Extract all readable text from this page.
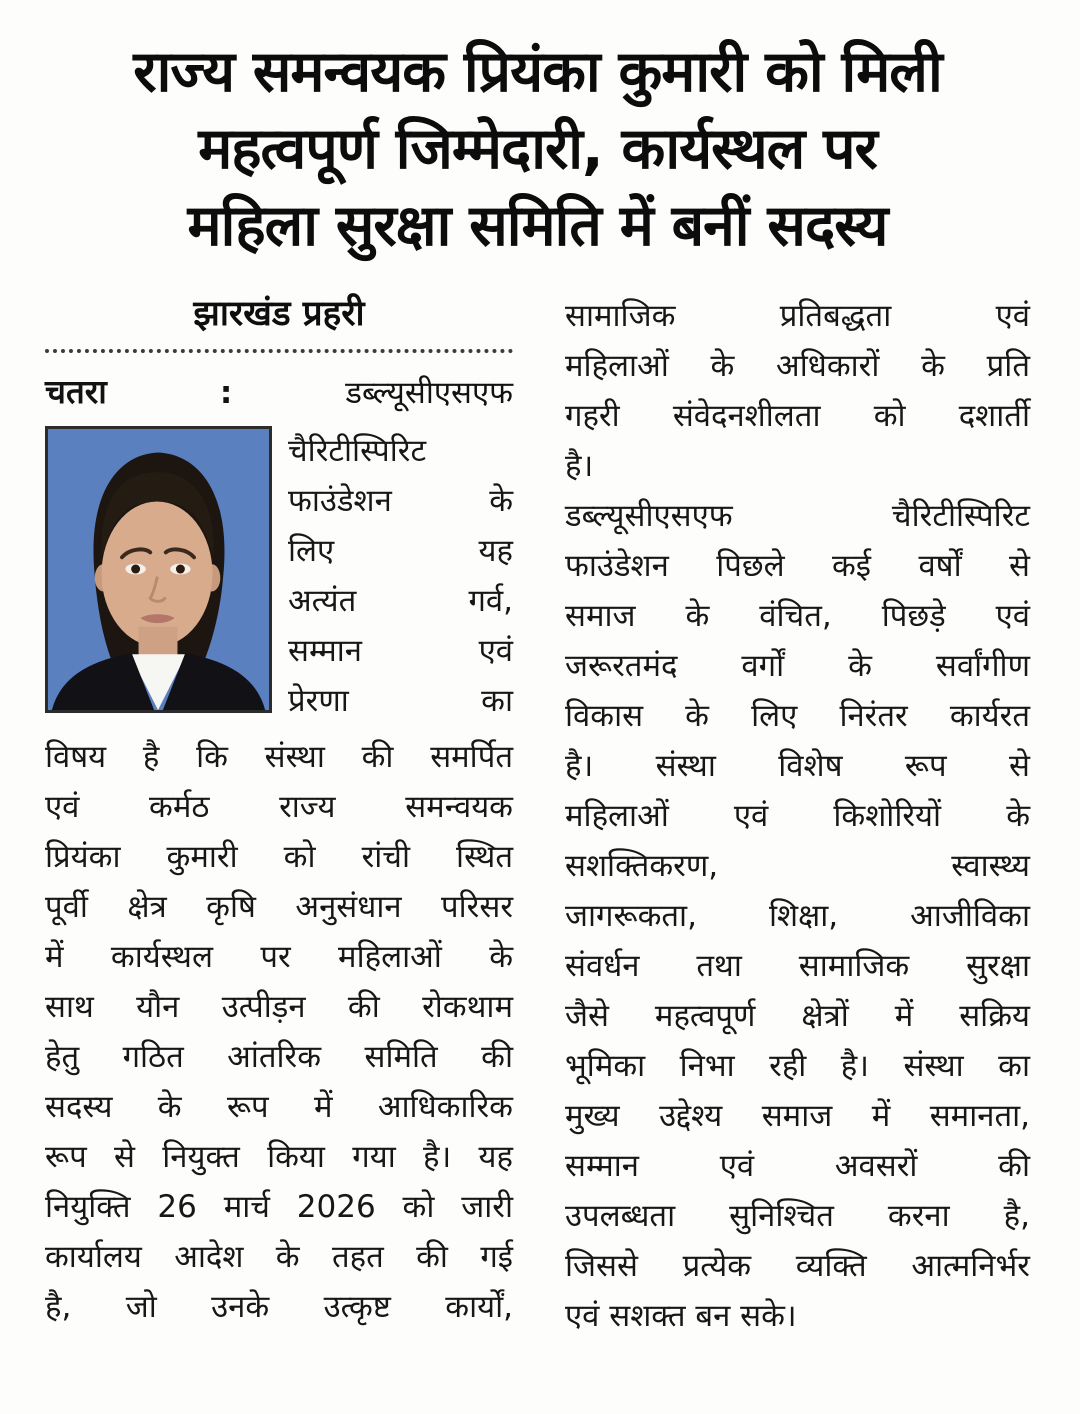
राज्य समन्वयक प्रियंका कुमारी को मिली
महत्वपूर्ण जिम्मेदारी, कार्यस्थल पर
महिला सुरक्षा समिति में बनीं सदस्य
झारखंड प्रहरी
चतरा	:	डब्ल्यूसीएसएफ
चैरिटीस्पिरिट
फाउंडेशन के
लिए यह
अत्यंत गर्व,
सम्मान एवं
प्रेरणा का
विषय है कि संस्था की समर्पित
एवं कर्मठ राज्य समन्वयक
प्रियंका कुमारी को रांची स्थित
पूर्वी क्षेत्र कृषि अनुसंधान परिसर
में कार्यस्थल पर महिलाओं के
साथ यौन उत्पीड़न की रोकथाम
हेतु गठित आंतरिक समिति की
सदस्य के रूप में आधिकारिक
रूप से नियुक्त किया गया है। यह
नियुक्ति 26 मार्च 2026 को जारी
कार्यालय आदेश के तहत की गई
है, जो उनके उत्कृष्ट कार्यों,
सामाजिक प्रतिबद्धता एवं
महिलाओं के अधिकारों के प्रति
गहरी संवेदनशीलता को दशार्ती
है।
डब्ल्यूसीएसएफ चैरिटीस्पिरिट
फाउंडेशन पिछले कई वर्षों से
समाज के वंचित, पिछड़े एवं
जरूरतमंद वर्गों के सर्वांगीण
विकास के लिए निरंतर कार्यरत
है। संस्था विशेष रूप से
महिलाओं एवं किशोरियों के
सशक्तिकरण, स्वास्थ्य
जागरूकता, शिक्षा, आजीविका
संवर्धन तथा सामाजिक सुरक्षा
जैसे महत्वपूर्ण क्षेत्रों में सक्रिय
भूमिका निभा रही है। संस्था का
मुख्य उद्देश्य समाज में समानता,
सम्मान एवं अवसरों की
उपलब्धता सुनिश्चित करना है,
जिससे प्रत्येक व्यक्ति आत्मनिर्भर
एवं सशक्त बन सके।
